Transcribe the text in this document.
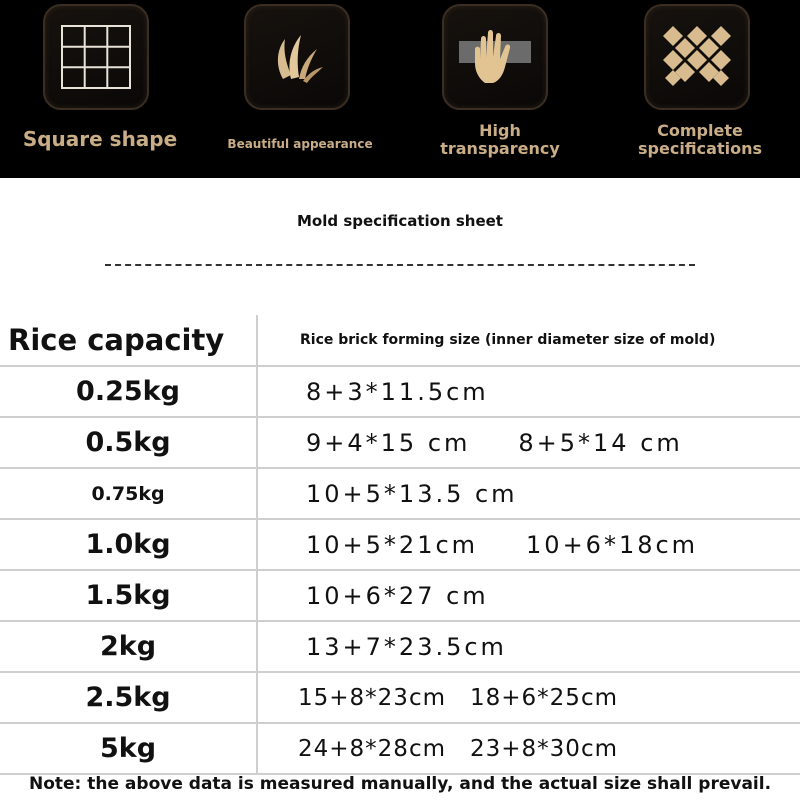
Square shape	Beautiful appearance
High
transparency
Complete
specifications
Mold specification sheet
Rice capacity	Rice brick forming size (inner diameter size of mold)
0.25kg	8+3*11.5cm
0.5kg	9+4*15 cm 8+5*14 cm
0.75kg	10+5*13.5 cm
1.0kg	10+5*21cm 10+6*18cm
1.5kg	10+6*27 cm
2kg	13+7*23.5cm
2.5kg	15+8*23cm 18+6*25cm
5kg	24+8*28cm 23+8*30cm
Note: the above data is measured manually, and the actual size shall prevail.
